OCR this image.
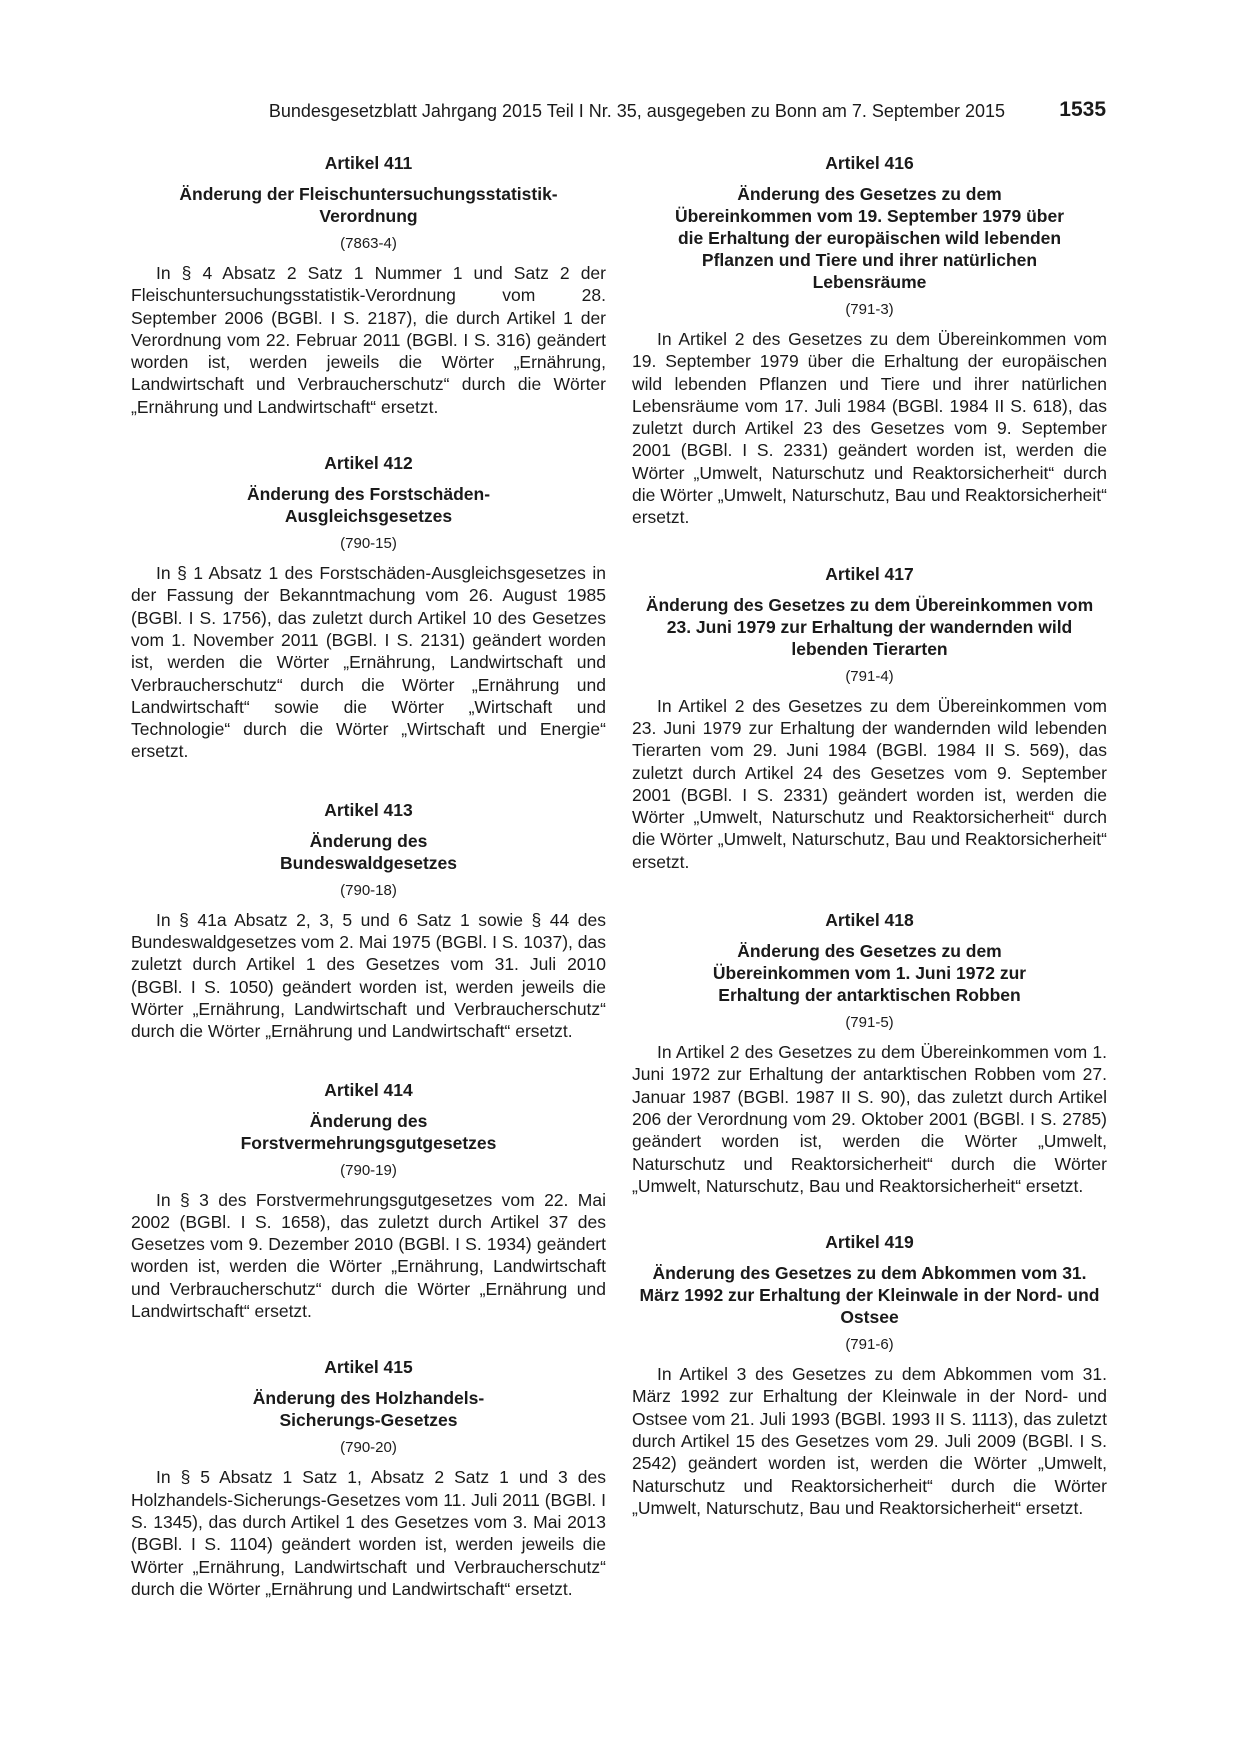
Bundesgesetzblatt Jahrgang 2015 Teil I Nr. 35, ausgegeben zu Bonn am 7. September 2015	1535
Artikel 411
Änderung der Fleischuntersuchungsstatistik-Verordnung
(7863-4)

In § 4 Absatz 2 Satz 1 Nummer 1 und Satz 2 der Fleischuntersuchungsstatistik-Verordnung vom 28. September 2006 (BGBl. I S. 2187), die durch Artikel 1 der Verordnung vom 22. Februar 2011 (BGBl. I S. 316) geändert worden ist, werden jeweils die Wörter „Ernährung, Landwirtschaft und Verbraucherschutz“ durch die Wörter „Ernährung und Landwirtschaft“ ersetzt.

Artikel 412
Änderung des Forstschäden-Ausgleichsgesetzes
(790-15)

In § 1 Absatz 1 des Forstschäden-Ausgleichsgesetzes in der Fassung der Bekanntmachung vom 26. August 1985 (BGBl. I S. 1756), das zuletzt durch Artikel 10 des Gesetzes vom 1. November 2011 (BGBl. I S. 2131) geändert worden ist, werden die Wörter „Ernährung, Landwirtschaft und Verbraucherschutz“ durch die Wörter „Ernährung und Landwirtschaft“ sowie die Wörter „Wirtschaft und Technologie“ durch die Wörter „Wirtschaft und Energie“ ersetzt.

Artikel 413
Änderung des Bundeswaldgesetzes
(790-18)

In § 41a Absatz 2, 3, 5 und 6 Satz 1 sowie § 44 des Bundeswaldgesetzes vom 2. Mai 1975 (BGBl. I S. 1037), das zuletzt durch Artikel 1 des Gesetzes vom 31. Juli 2010 (BGBl. I S. 1050) geändert worden ist, werden jeweils die Wörter „Ernährung, Landwirtschaft und Verbraucherschutz“ durch die Wörter „Ernährung und Landwirtschaft“ ersetzt.

Artikel 414
Änderung des Forstvermehrungsgutgesetzes
(790-19)

In § 3 des Forstvermehrungsgutgesetzes vom 22. Mai 2002 (BGBl. I S. 1658), das zuletzt durch Artikel 37 des Gesetzes vom 9. Dezember 2010 (BGBl. I S. 1934) geändert worden ist, werden die Wörter „Ernährung, Landwirtschaft und Verbraucherschutz“ durch die Wörter „Ernährung und Landwirtschaft“ ersetzt.

Artikel 415
Änderung des Holzhandels-Sicherungs-Gesetzes
(790-20)

In § 5 Absatz 1 Satz 1, Absatz 2 Satz 1 und 3 des Holzhandels-Sicherungs-Gesetzes vom 11. Juli 2011 (BGBl. I S. 1345), das durch Artikel 1 des Gesetzes vom 3. Mai 2013 (BGBl. I S. 1104) geändert worden ist, werden jeweils die Wörter „Ernährung, Landwirtschaft und Verbraucherschutz“ durch die Wörter „Ernährung und Landwirtschaft“ ersetzt.

Artikel 416
Änderung des Gesetzes zu dem Übereinkommen vom 19. September 1979 über die Erhaltung der europäischen wild lebenden Pflanzen und Tiere und ihrer natürlichen Lebensräume
(791-3)

In Artikel 2 des Gesetzes zu dem Übereinkommen vom 19. September 1979 über die Erhaltung der europäischen wild lebenden Pflanzen und Tiere und ihrer natürlichen Lebensräume vom 17. Juli 1984 (BGBl. 1984 II S. 618), das zuletzt durch Artikel 23 des Gesetzes vom 9. September 2001 (BGBl. I S. 2331) geändert worden ist, werden die Wörter „Umwelt, Naturschutz und Reaktorsicherheit“ durch die Wörter „Umwelt, Naturschutz, Bau und Reaktorsicherheit“ ersetzt.

Artikel 417
Änderung des Gesetzes zu dem Übereinkommen vom 23. Juni 1979 zur Erhaltung der wandernden wild lebenden Tierarten
(791-4)

In Artikel 2 des Gesetzes zu dem Übereinkommen vom 23. Juni 1979 zur Erhaltung der wandernden wild lebenden Tierarten vom 29. Juni 1984 (BGBl. 1984 II S. 569), das zuletzt durch Artikel 24 des Gesetzes vom 9. September 2001 (BGBl. I S. 2331) geändert worden ist, werden die Wörter „Umwelt, Naturschutz und Reaktorsicherheit“ durch die Wörter „Umwelt, Naturschutz, Bau und Reaktorsicherheit“ ersetzt.

Artikel 418
Änderung des Gesetzes zu dem Übereinkommen vom 1. Juni 1972 zur Erhaltung der antarktischen Robben
(791-5)

In Artikel 2 des Gesetzes zu dem Übereinkommen vom 1. Juni 1972 zur Erhaltung der antarktischen Robben vom 27. Januar 1987 (BGBl. 1987 II S. 90), das zuletzt durch Artikel 206 der Verordnung vom 29. Oktober 2001 (BGBl. I S. 2785) geändert worden ist, werden die Wörter „Umwelt, Naturschutz und Reaktorsicherheit“ durch die Wörter „Umwelt, Naturschutz, Bau und Reaktorsicherheit“ ersetzt.

Artikel 419
Änderung des Gesetzes zu dem Abkommen vom 31. März 1992 zur Erhaltung der Kleinwale in der Nord- und Ostsee
(791-6)

In Artikel 3 des Gesetzes zu dem Abkommen vom 31. März 1992 zur Erhaltung der Kleinwale in der Nord- und Ostsee vom 21. Juli 1993 (BGBl. 1993 II S. 1113), das zuletzt durch Artikel 15 des Gesetzes vom 29. Juli 2009 (BGBl. I S. 2542) geändert worden ist, werden die Wörter „Umwelt, Naturschutz und Reaktorsicherheit“ durch die Wörter „Umwelt, Naturschutz, Bau und Reaktorsicherheit“ ersetzt.
